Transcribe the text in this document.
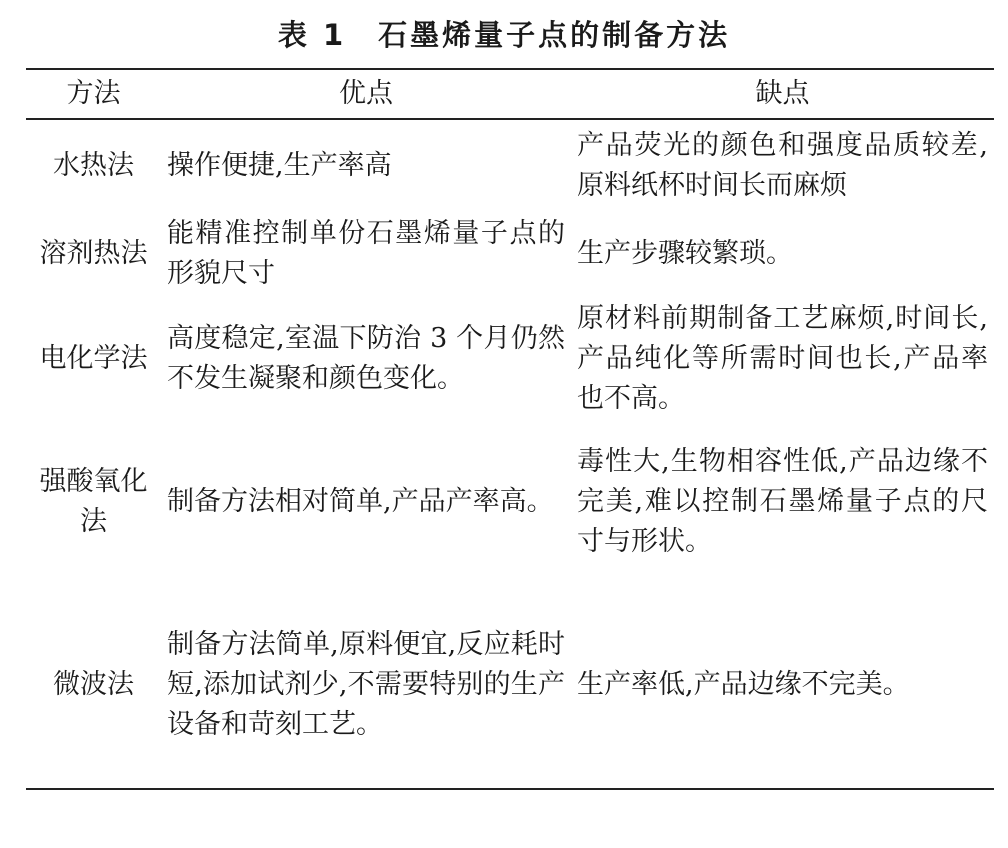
表 1 石墨烯量子点的制备方法
方法	优点	缺点
水热法	操作便捷,生产率高	产品荧光的颜色和强度品质较差,原料纸杯时间长而麻烦
溶剂热法	能精准控制单份石墨烯量子点的形貌尺寸	生产步骤较繁琐。
电化学法	高度稳定,室温下防治 3 个月仍然不发生凝聚和颜色变化。	原材料前期制备工艺麻烦,时间长,产品纯化等所需时间也长,产品率也不高。
强酸氧化法	制备方法相对简单,产品产率高。	毒性大,生物相容性低,产品边缘不完美,难以控制石墨烯量子点的尺寸与形状。
微波法	制备方法简单,原料便宜,反应耗时短,添加试剂少,不需要特别的生产设备和苛刻工艺。	生产率低,产品边缘不完美。
